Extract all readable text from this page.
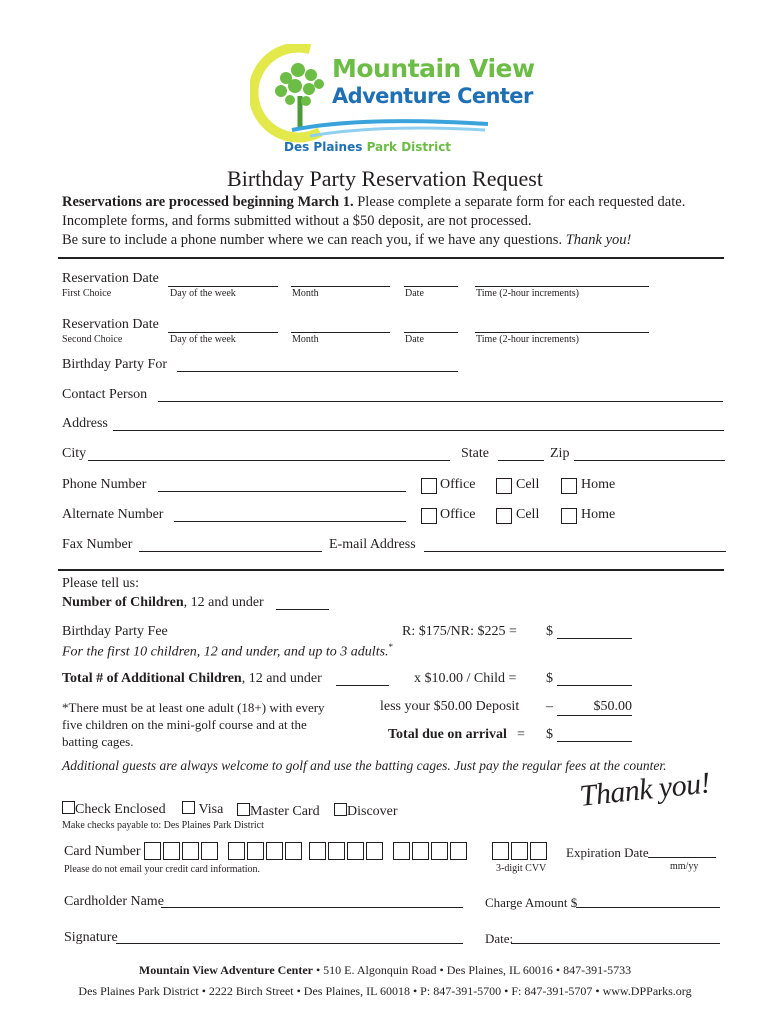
Mountain View
Adventure Center
Des Plaines Park District
Birthday Party Reservation Request
Reservations are processed beginning March 1. Please complete a separate form for each requested date.
Incomplete forms, and forms submitted without a $50 deposit, are not processed.
Be sure to include a phone number where we can reach you, if we have any questions. Thank you!
Reservation Date
First Choice	Day of the week	Month	Date	Time (2-hour increments)
Reservation Date
Second Choice	Day of the week	Month	Date	Time (2-hour increments)
Birthday Party For
Contact Person
Address
City	State	Zip
Phone Number	Office	Cell	Home
Alternate Number	Office	Cell	Home
Fax Number	E-mail Address
Please tell us:
Number of Children, 12 and under
Birthday Party Fee	R: $175/NR: $225 = $
For the first 10 children, 12 and under, and up to 3 adults.*
Total # of Additional Children, 12 and under	x $10.00 / Child = $
*There must be at least one adult (18+) with every
five children on the mini-golf course and at the
batting cages.
less your $50.00 Deposit –	$50.00
Total due on arrival = $
Additional guests are always welcome to golf and use the batting cages. Just pay the regular fees at the counter.
Check Enclosed	Visa	Master Card	Discover
Make checks payable to: Des Plaines Park District
Thank you!
Card Number
Please do not email your credit card information.	3-digit CVV
Expiration Date
mm/yy
Cardholder Name	Charge Amount $
Signature	Date:
Mountain View Adventure Center • 510 E. Algonquin Road • Des Plaines, IL 60016 • 847-391-5733
Des Plaines Park District • 2222 Birch Street • Des Plaines, IL 60018 • P: 847-391-5700 • F: 847-391-5707 • www.DPParks.org
